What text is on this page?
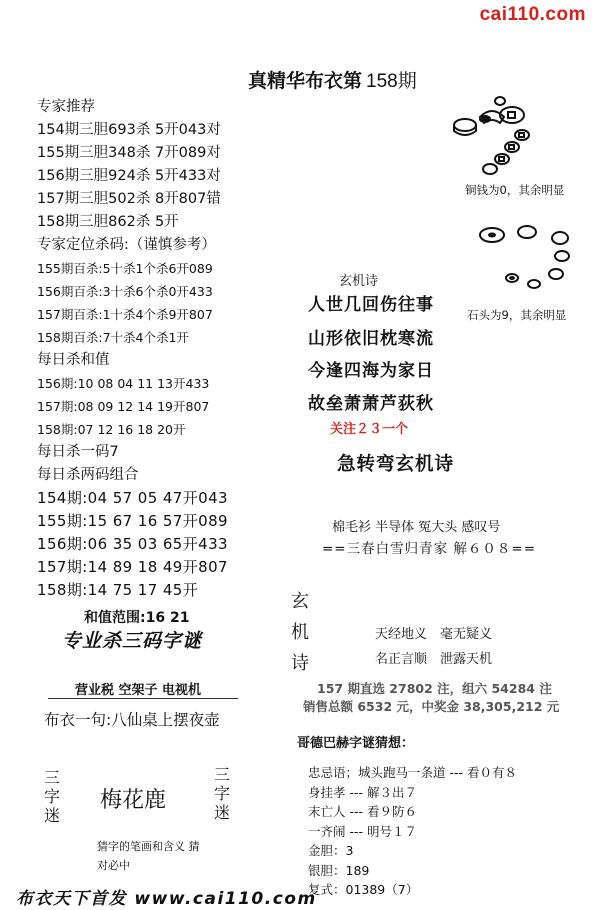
cai110.com
真精华布衣第 158期
专家推荐
154期三胆693杀 5开043对
155期三胆348杀 7开089对
156期三胆924杀 5开433对
157期三胆502杀 8开807错
158期三胆862杀 5开
专家定位杀码:（谨慎参考）
155期百杀:5十杀1个杀6开089
156期百杀:3十杀6个杀0开433
157期百杀:1十杀4个杀9开807
158期百杀:7十杀4个杀1开
每日杀和值
156期:10 08 04 11 13开433
157期:08 09 12 14 19开807
158期:07 12 16 18 20开
每日杀一码7
每日杀两码组合
154期:04 57 05 47开043
155期:15 67 16 57开089
156期:06 35 03 65开433
157期:14 89 18 49开807
158期:14 75 17 45开
和值范围:16 21
专业杀三码字谜
营业税 空架子 电视机
布衣一句:八仙桌上摆夜壶
三字迷
梅花鹿
三字迷
猜字的笔画和含义 猜对必中
布衣天下首发 www.cai110.com
铜钱为0，其余明显
石头为9，其余明显
玄机诗
人世几回伤往事
山形依旧枕寒流
今逢四海为家日
故垒萧萧芦荻秋
关注２３一个
急转弯玄机诗
棉毛衫 半导体 冤大头 感叹号
==三春白雪归青家 解６０８==
玄机诗
天经地义　毫无疑义
名正言顺　泄露天机
157 期直选 27802 注，组六 54284 注
销售总额 6532 元，中奖金 38,305,212 元
哥德巴赫字谜猜想：
忠忌语；城头跑马一条道 --- 看０有８
身挂孝 --- 解３出７
末亡人 --- 看９防６
一齐闹 --- 明号１７
金胆：3
银胆：189
复式：01389（7）
